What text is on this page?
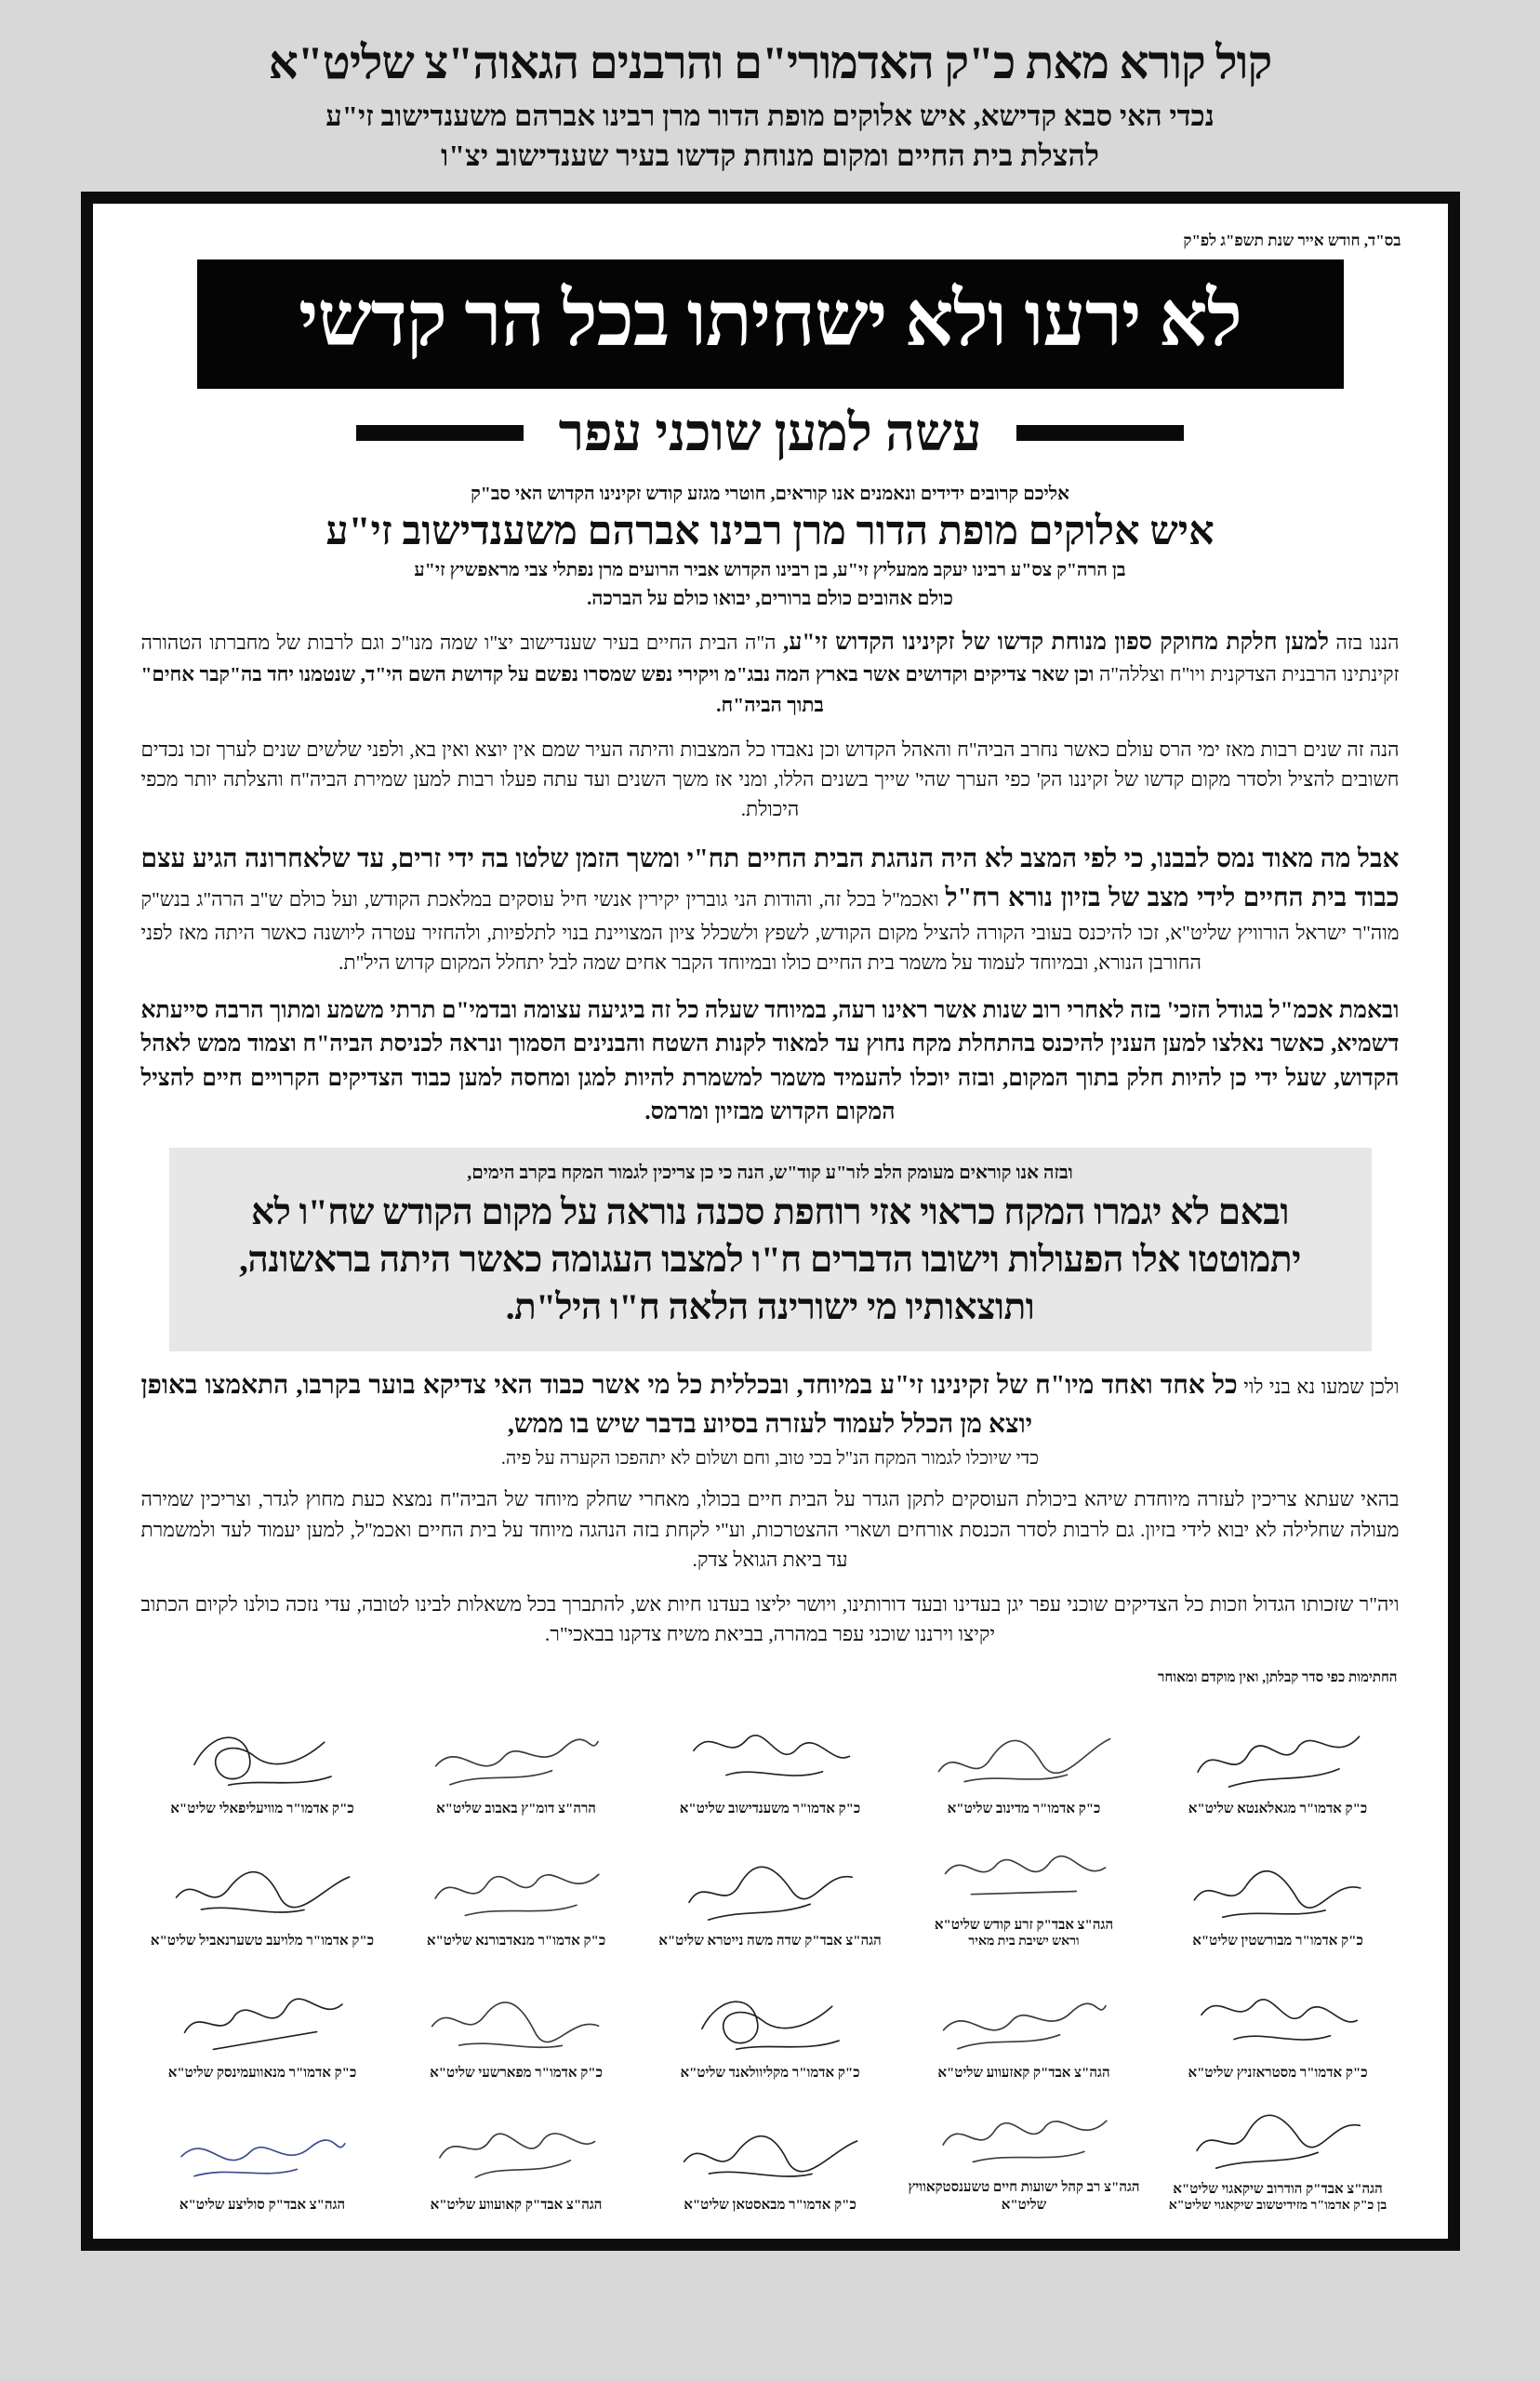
קול קורא מאת כ"ק האדמורי"ם והרבנים הגאוה"צ שליט"א
נכדי האי סבא קדישא, איש אלוקים מופת הדור מרן רבינו אברהם משענדישוב זי"ע
להצלת בית החיים ומקום מנוחת קדשו בעיר שענדישוב יצ"ו
בס"ד, חודש אייר שנת תשפ"ג לפ"ק
לא ירעו ולא ישחיתו בכל הר קדשי
עשה למען שוכני עפר
אליכם קרובים ידידים ונאמנים אנו קוראים, חוטרי מגזע קודש זקינינו הקדוש האי סב"ק
איש אלוקים מופת הדור מרן רבינו אברהם משענדישוב זי"ע
בן הרה"ק צס"ע רבינו יעקב ממעליץ זי"ע, בן רבינו הקדוש אביר הרועים מרן נפתלי צבי מראפשיץ זי"ע
כולם אהובים כולם ברורים, יבואו כולם על הברכה.

הננו בזה למען חלקת מחוקק ספון מנוחת קדשו של זקינינו הקדוש זי"ע, ה"ה הבית החיים בעיר שענדישוב יצ"ו שמה מנו"כ וגם לרבות של מחברתו הטהורה זקינתינו הרבנית הצדקנית ויו"ח וצללה"ה וכן שאר צדיקים וקדושים אשר בארץ המה נבג"מ ויקירי נפש שמסרו נפשם על קדושת השם הי"ד, שנטמנו יחד בה"קבר אחים" בתוך הביה"ח.

הנה זה שנים רבות מאז ימי הרס עולם כאשר נחרב הביה"ח והאהל הקדוש וכן נאבדו כל המצבות והיתה העיר שמם אין יוצא ואין בא, ולפני שלשים שנים לערך זכו נכדים חשובים להציל ולסדר מקום קדשו של זקיננו הק' כפי הערך שהי' שייך בשנים הללו, ומני אז משך השנים ועד עתה פעלו רבות למען שמירת הביה"ח והצלתה יותר מכפי היכולת.

אבל מה מאוד נמס לבבנו, כי לפי המצב לא היה הנהגת הבית החיים תח"י ומשך הזמן שלטו בה ידי זרים, עד שלאחרונה הגיע עצם כבוד בית החיים לידי מצב של בזיון נורא רח"ל ואכמ"ל בכל זה, והודות הני גוברין יקירין אנשי חיל עוסקים במלאכת הקודש, ועל כולם ש"ב הרה"ג בנש"ק מוה"ר ישראל הורוויץ שליט"א, זכו להיכנס בעובי הקורה להציל מקום הקודש, לשפץ ולשכלל ציון המצויינת בנוי לתלפיות, ולהחזיר עטרה ליושנה כאשר היתה מאז לפני החורבן הנורא, ובמיוחד לעמוד על משמר בית החיים כולו ובמיוחד הקבר אחים שמה לבל יתחלל המקום קדוש היל"ת.

ובאמת אכמ"ל בגודל הזכי' בזה לאחרי רוב שנות אשר ראינו רעה, במיוחד שעלה כל זה ביגיעה עצומה ובדמי"ם תרתי משמע ומתוך הרבה סייעתא דשמיא, כאשר נאלצו למען הענין להיכנס בהתחלת מקח נחוץ עד למאוד לקנות השטח והבנינים הסמוך ונראה לכניסת הביה"ח וצמוד ממש לאהל הקדוש, שעל ידי כן להיות חלק בתוך המקום, ובזה יוכלו להעמיד משמר למשמרת להיות למגן ומחסה למען כבוד הצדיקים הקרויים חיים להציל המקום הקדוש מבזיון ומרמס.

ובזה אנו קוראים מעומק הלב לזר"ע קוד"ש, הנה כי כן צריכין לגמור המקח בקרב הימים,
ובאם לא יגמרו המקח כראוי אזי רוחפת סכנה נוראה על מקום הקודש שח"ו לא יתמוטטו אלו הפעולות וישובו הדברים ח"ו למצבו העגומה כאשר היתה בראשונה, ותוצאותיו מי ישורינה הלאה ח"ו היל"ת.

ולכן שמעו נא בני לוי כל אחד ואחד מיו"ח של זקינינו זי"ע במיוחד, ובכללית כל מי אשר כבוד האי צדיקא בוער בקרבו, התאמצו באופן יוצא מן הכלל לעמוד לעזרה בסיוע בדבר שיש בו ממש,

כדי שיוכלו לגמור המקח הנ"ל בכי טוב, וחם ושלום לא יתהפכו הקערה על פיה.

בהאי שעתא צריכין לעזרה מיוחדת שיהא ביכולת העוסקים לתקן הגדר על הבית חיים בכולו, מאחרי שחלק מיוחד של הביה"ח נמצא כעת מחוץ לגדר, וצריכין שמירה מעולה שחלילה לא יבוא לידי בזיון. גם לרבות לסדר הכנסת אורחים ושארי ההצטרכות, וע"י לקחת בזה הנהגה מיוחד על בית החיים ואכמ"ל, למען יעמוד לעד ולמשמרת עד ביאת הגואל צדק.

ויה"ר שזכותו הגדול וזכות כל הצדיקים שוכני עפר יגן בעדינו ובעד דורותינו, ויושר יליצו בעדנו חיות אש, להתברך בכל משאלות לבינו לטובה, עדי נזכה כולנו לקיום הכתוב יקיצו וירננו שוכני עפר במהרה, בביאת משיח צדקנו בבאכי"ר.

החתימות כפי סדר קבלתן, ואין מוקדם ומאוחר
כ"ק אדמו"ר מגאלאנטא שליט"א
כ"ק אדמו"ר מדינוב שליט"א
כ"ק אדמו"ר משענדישוב שליט"א
הרה"צ דומ"ץ באבוב שליט"א
כ"ק אדמו"ר מוויעליפאלי שליט"א
כ"ק אדמו"ר מבורשטין שליט"א
הגה"צ אבד"ק זרע קודש שליט"א
וראש ישיבת בית מאיר
הגה"צ אבד"ק שדה משה נייטרא שליט"א
כ"ק אדמו"ר מנאדבורנא שליט"א
כ"ק אדמו"ר מלויעב טשערנאביל שליט"א
כ"ק אדמו"ר מסטראזניץ שליט"א
הגה"צ אבד"ק קאזעווע שליט"א
כ"ק אדמו"ר מקליוולאנד שליט"א
כ"ק אדמו"ר מפארשעי שליט"א
כ"ק אדמו"ר מנאוועמינסק שליט"א
הגה"צ אבד"ק הודרוב שיקאגוי שליט"א
בן כ"ק אדמו"ר מזידיטשוב שיקאגוי שליט"א
הגה"צ רב קהל ישועות חיים טשענסטקאוויץ שליט"א
כ"ק אדמו"ר מבאסטאן שליט"א
הגה"צ אבד"ק קאועווע שליט"א
הגה"צ אבד"ק סוליצע שליט"א
